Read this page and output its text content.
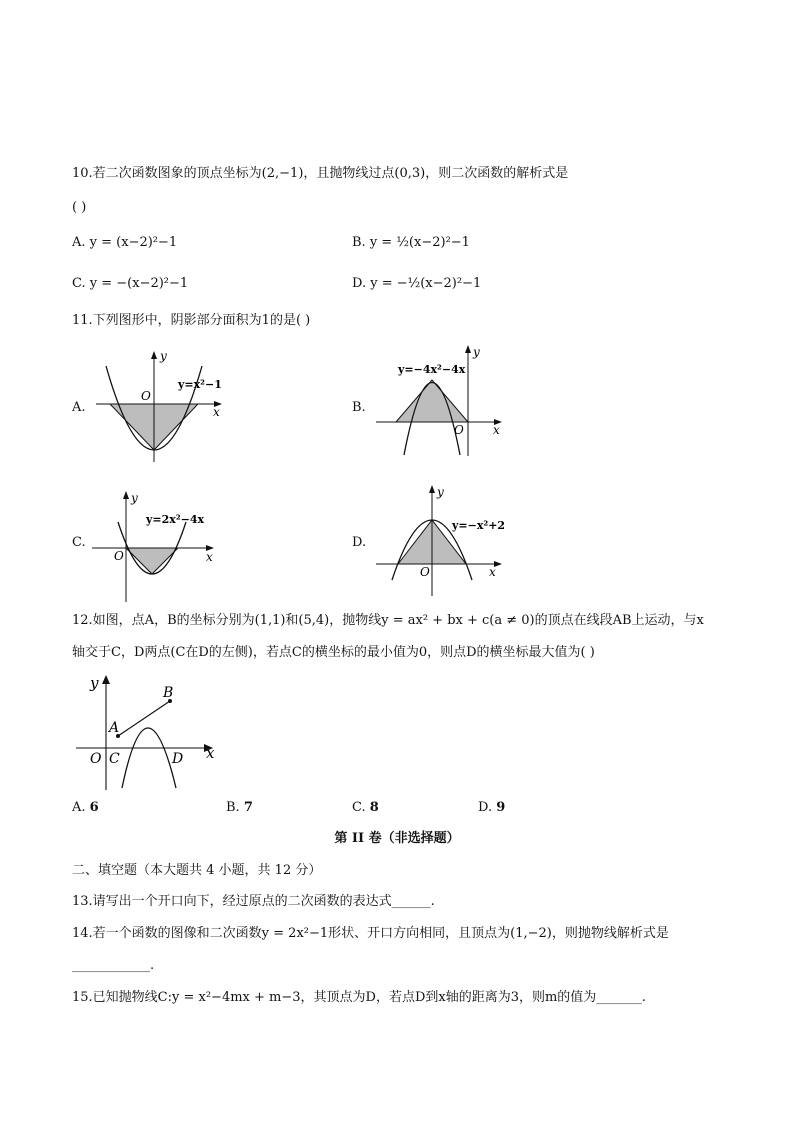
10.若二次函数图象的顶点坐标为(2,−1)，且抛物线过点(0,3)，则二次函数的解析式是
( )
A. y = (x−2)²−1	B. y = ½(x−2)²−1
C. y = −(x−2)²−1	D. y = −½(x−2)²−1
11.下列图形中，阴影部分面积为1的是( )
A.
y
x
O
y=x²−1
B.
y
x
O
y=−4x²−4x
C.
y
x
O
y=2x²−4x
D.
y
x
O
y=−x²+2
12.如图，点A，B的坐标分别为(1,1)和(5,4)，抛物线y = ax² + bx + c(a ≠ 0)的顶点在线段AB上运动，与x
轴交于C，D两点(C在D的左侧)，若点C的横坐标的最小值为0，则点D的横坐标最大值为( )
y
x
O C	D
A
B
A. 6	B. 7	C. 8	D. 9
第 II 卷（非选择题）
二、填空题（本大题共 4 小题，共 12 分）
13.请写出一个开口向下，经过原点的二次函数的表达式______.
14.若一个函数的图像和二次函数y = 2x²−1形状、开口方向相同，且顶点为(1,−2)，则抛物线解析式是
____________.
15.已知抛物线C:y = x²−4mx + m−3，其顶点为D，若点D到x轴的距离为3，则m的值为_______.
